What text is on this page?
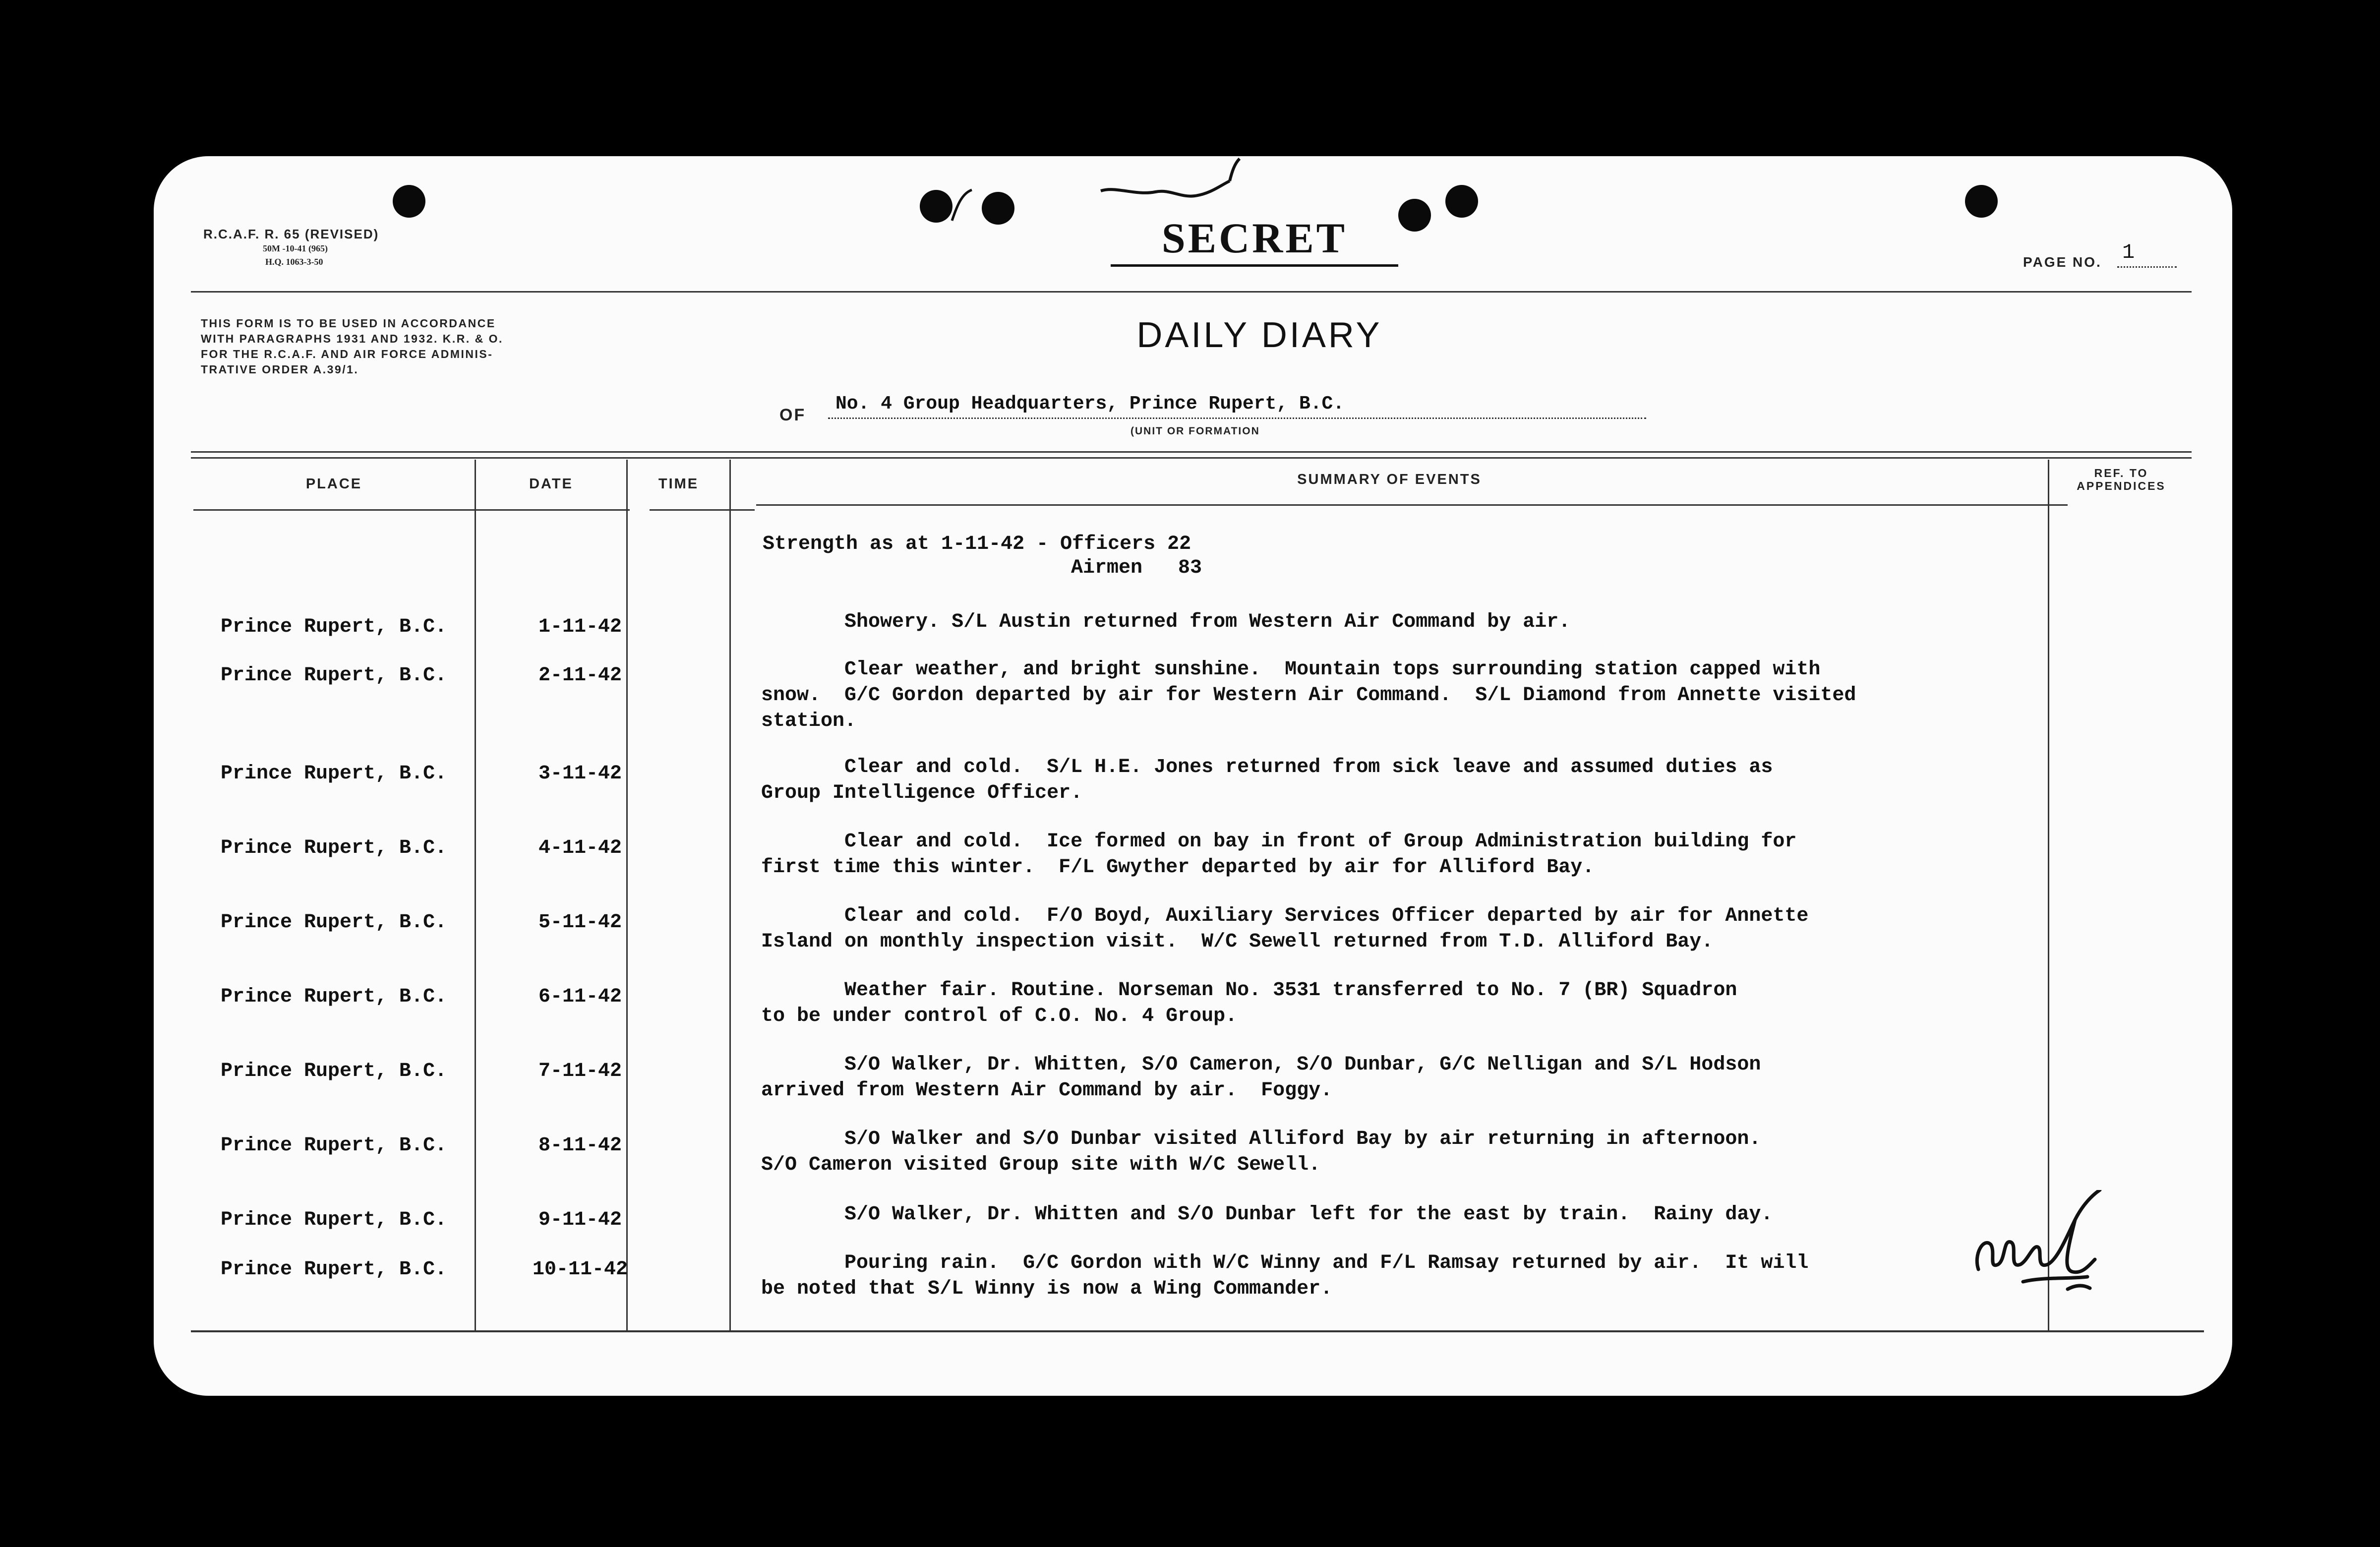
R.C.A.F. R. 65 (REVISED)
50M -10-41 (965)
H.Q. 1063-3-50	SECRET
PAGE NO. 1
THIS FORM IS TO BE USED IN ACCORDANCE
WITH PARAGRAPHS 1931 AND 1932. K.R. & O.
FOR THE R.C.A.F. AND AIR FORCE ADMINIS-
TRATIVE ORDER A.39/1.
DAILY DIARY
OF
No. 4 Group Headquarters, Prince Rupert, B.C.
(UNIT OR FORMATION
PLACE	DATE	TIME	SUMMARY OF EVENTS	REF. TO
APPENDICES
Strength as at 1-11-42 - Officers 22
Airmen   83
Prince Rupert, B.C.	1-11-42	Showery. S/L Austin returned from Western Air Command by air.
Prince Rupert, B.C.	2-11-42	Clear weather, and bright sunshine.  Mountain tops surrounding station capped with
snow.  G/C Gordon departed by air for Western Air Command.  S/L Diamond from Annette visited
station.
Prince Rupert, B.C.	3-11-42	Clear and cold.  S/L H.E. Jones returned from sick leave and assumed duties as
Group Intelligence Officer.
Prince Rupert, B.C.	4-11-42	Clear and cold.  Ice formed on bay in front of Group Administration building for
first time this winter.  F/L Gwyther departed by air for Alliford Bay.
Prince Rupert, B.C.	5-11-42	Clear and cold.  F/O Boyd, Auxiliary Services Officer departed by air for Annette
Island on monthly inspection visit.  W/C Sewell returned from T.D. Alliford Bay.
Prince Rupert, B.C.	6-11-42	Weather fair. Routine. Norseman No. 3531 transferred to No. 7 (BR) Squadron
to be under control of C.O. No. 4 Group.
Prince Rupert, B.C.	7-11-42	S/O Walker, Dr. Whitten, S/O Cameron, S/O Dunbar, G/C Nelligan and S/L Hodson
arrived from Western Air Command by air.  Foggy.
Prince Rupert, B.C.	8-11-42	S/O Walker and S/O Dunbar visited Alliford Bay by air returning in afternoon.
S/O Cameron visited Group site with W/C Sewell.
Prince Rupert, B.C.	9-11-42	S/O Walker, Dr. Whitten and S/O Dunbar left for the east by train.  Rainy day.
Prince Rupert, B.C.	10-11-42	Pouring rain.  G/C Gordon with W/C Winny and F/L Ramsay returned by air.  It will
be noted that S/L Winny is now a Wing Commander.
